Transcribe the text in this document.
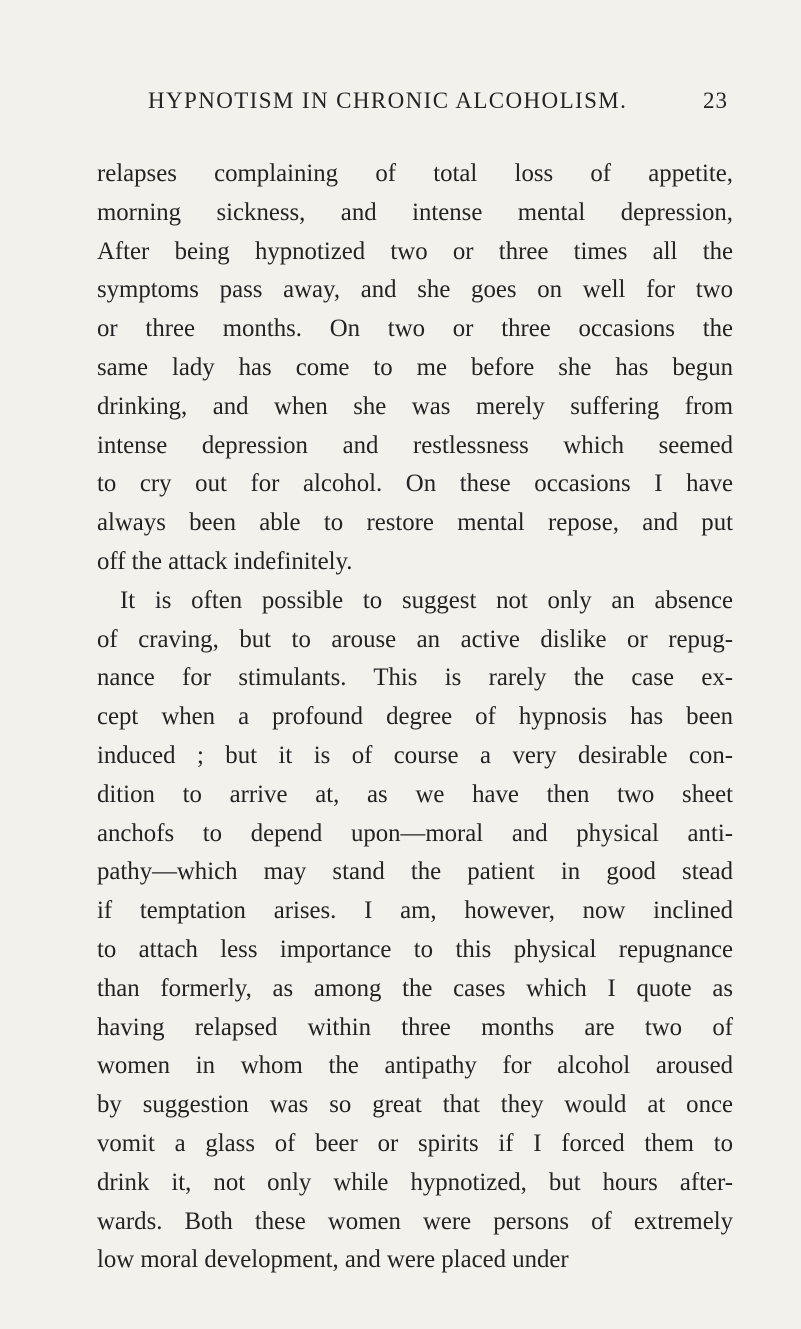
HYPNOTISM IN CHRONIC ALCOHOLISM.	23
relapses complaining of total loss of appetite,
morning sickness, and intense mental depression,
After being hypnotized two or three times all the
symptoms pass away, and she goes on well for two
or three months. On two or three occasions the
same lady has come to me before she has begun
drinking, and when she was merely suffering from
intense depression and restlessness which seemed
to cry out for alcohol. On these occasions I have
always been able to restore mental repose, and put
off the attack indefinitely.
It is often possible to suggest not only an absence
of craving, but to arouse an active dislike or repug-
nance for stimulants. This is rarely the case ex-
cept when a profound degree of hypnosis has been
induced ; but it is of course a very desirable con-
dition to arrive at, as we have then two sheet
anchofs to depend upon—moral and physical anti-
pathy—which may stand the patient in good stead
if temptation arises. I am, however, now inclined
to attach less importance to this physical repugnance
than formerly, as among the cases which I quote as
having relapsed within three months are two of
women in whom the antipathy for alcohol aroused
by suggestion was so great that they would at once
vomit a glass of beer or spirits if I forced them to
drink it, not only while hypnotized, but hours after-
wards. Both these women were persons of extremely
low moral development, and were placed under
